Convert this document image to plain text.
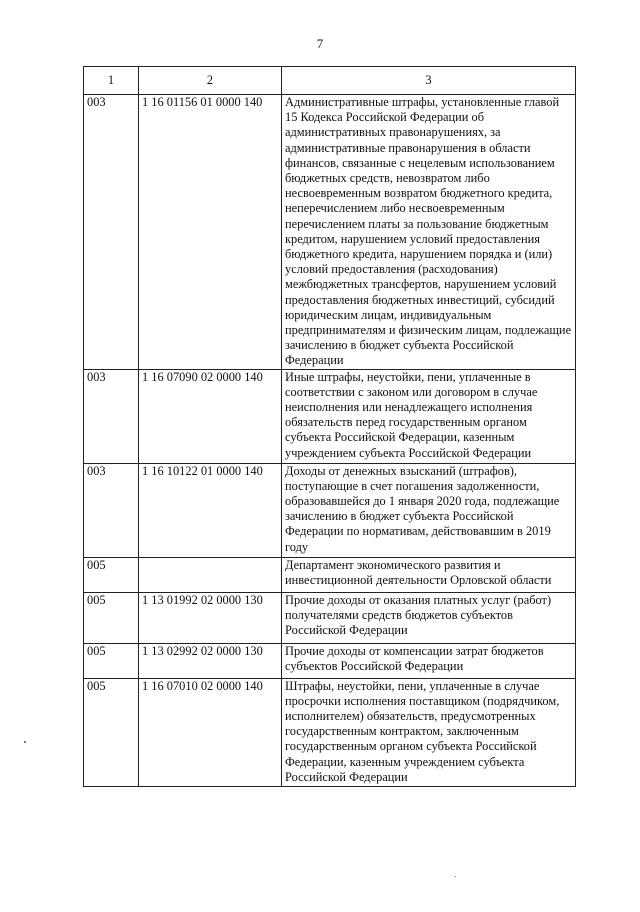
7
1	2	3
003	1 16 01156 01 0000 140	Административные штрафы, установленные главой 15 Кодекса Российской Федерации об административных правонарушениях, за административные правонарушения в области финансов, связанные с нецелевым использованием бюджетных средств, невозвратом либо несвоевременным возвратом бюджетного кредита, неперечислением либо несвоевременным перечислением платы за пользование бюджетным кредитом, нарушением условий предоставления бюджетного кредита, нарушением порядка и (или) условий предоставления (расходования) межбюджетных трансфертов, нарушением условий предоставления бюджетных инвестиций, субсидий юридическим лицам, индивидуальным предпринимателям и физическим лицам, подлежащие зачислению в бюджет субъекта Российской Федерации
003	1 16 07090 02 0000 140	Иные штрафы, неустойки, пени, уплаченные в соответствии с законом или договором в случае неисполнения или ненадлежащего исполнения обязательств перед государственным органом субъекта Российской Федерации, казенным учреждением субъекта Российской Федерации
003	1 16 10122 01 0000 140	Доходы от денежных взысканий (штрафов), поступающие в счет погашения задолженности, образовавшейся до 1 января 2020 года, подлежащие зачислению в бюджет субъекта Российской Федерации по нормативам, действовавшим в 2019 году
005		Департамент экономического развития и инвестиционной деятельности Орловской области
005	1 13 01992 02 0000 130	Прочие доходы от оказания платных услуг (работ) получателями средств бюджетов субъектов Российской Федерации
005	1 13 02992 02 0000 130	Прочие доходы от компенсации затрат бюджетов субъектов Российской Федерации
005	1 16 07010 02 0000 140	Штрафы, неустойки, пени, уплаченные в случае просрочки исполнения поставщиком (подрядчиком, исполнителем) обязательств, предусмотренных государственным контрактом, заключенным государственным органом субъекта Российской Федерации, казенным учреждением субъекта Российской Федерации
